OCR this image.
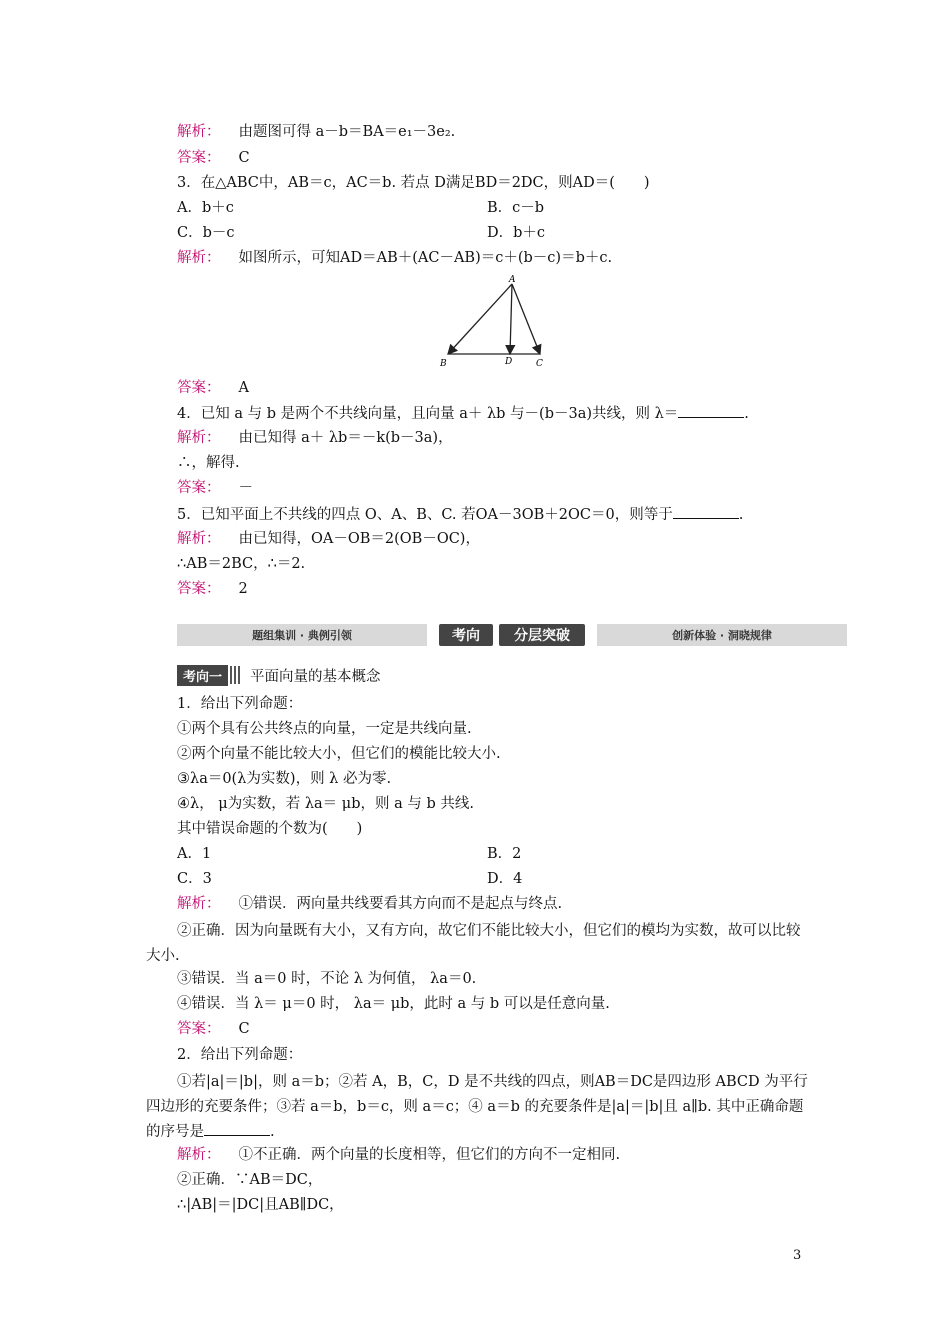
解析： 由题图可得 a－b＝BA＝e₁－3e₂.
答案： C
3．在△ABC中，AB＝c，AC＝b. 若点 D满足BD＝2DC，则AD＝(　　)
A．b＋c	B．c－b
C．b－c	D．b＋c
解析： 如图所示，可知AD＝AB＋(AC－AB)＝c＋(b－c)＝b＋c.
A
B	D	C
答案： A
4．已知 a 与 b 是两个不共线向量，且向量 a＋ λb 与－(b－3a)共线，则 λ＝	.
解析： 由已知得 a＋ λb＝－k(b－3a)，
∴，解得.
答案： －
5．已知平面上不共线的四点 O、A、B、C. 若OA－3OB＋2OC＝0，则等于	.
解析： 由已知得，OA－OB＝2(OB－OC)，
∴AB＝2BC，∴＝2.
答案： 2
题组集训 · 典例引领	考向	分层突破	创新体验 · 洞晓规律
考向一	平面向量的基本概念
1．给出下列命题：
①两个具有公共终点的向量，一定是共线向量.
②两个向量不能比较大小，但它们的模能比较大小.
③λa＝0(λ为实数)，则 λ 必为零.
④λ， μ为实数，若 λa＝ μb，则 a 与 b 共线.
其中错误命题的个数为(　　)
A．1	B．2
C．3	D．4
解析： ①错误．两向量共线要看其方向而不是起点与终点.
②正确．因为向量既有大小，又有方向，故它们不能比较大小，但它们的模均为实数，故可以比较大小.
③错误．当 a＝0 时，不论 λ 为何值， λa＝0.
④错误．当 λ＝ μ＝0 时， λa＝ μb，此时 a 与 b 可以是任意向量.
答案： C
2．给出下列命题：
①若|a|＝|b|，则 a＝b；②若 A，B，C，D 是不共线的四点，则AB＝DC是四边形 ABCD 为平行四边形的充要条件；③若 a＝b，b＝c，则 a＝c；④ a＝b 的充要条件是|a|＝|b|且 a∥b. 其中正确命题的序号是	.
解析： ①不正确．两个向量的长度相等，但它们的方向不一定相同.
②正确．∵AB＝DC，
∴|AB|＝|DC|且AB∥DC，
3
